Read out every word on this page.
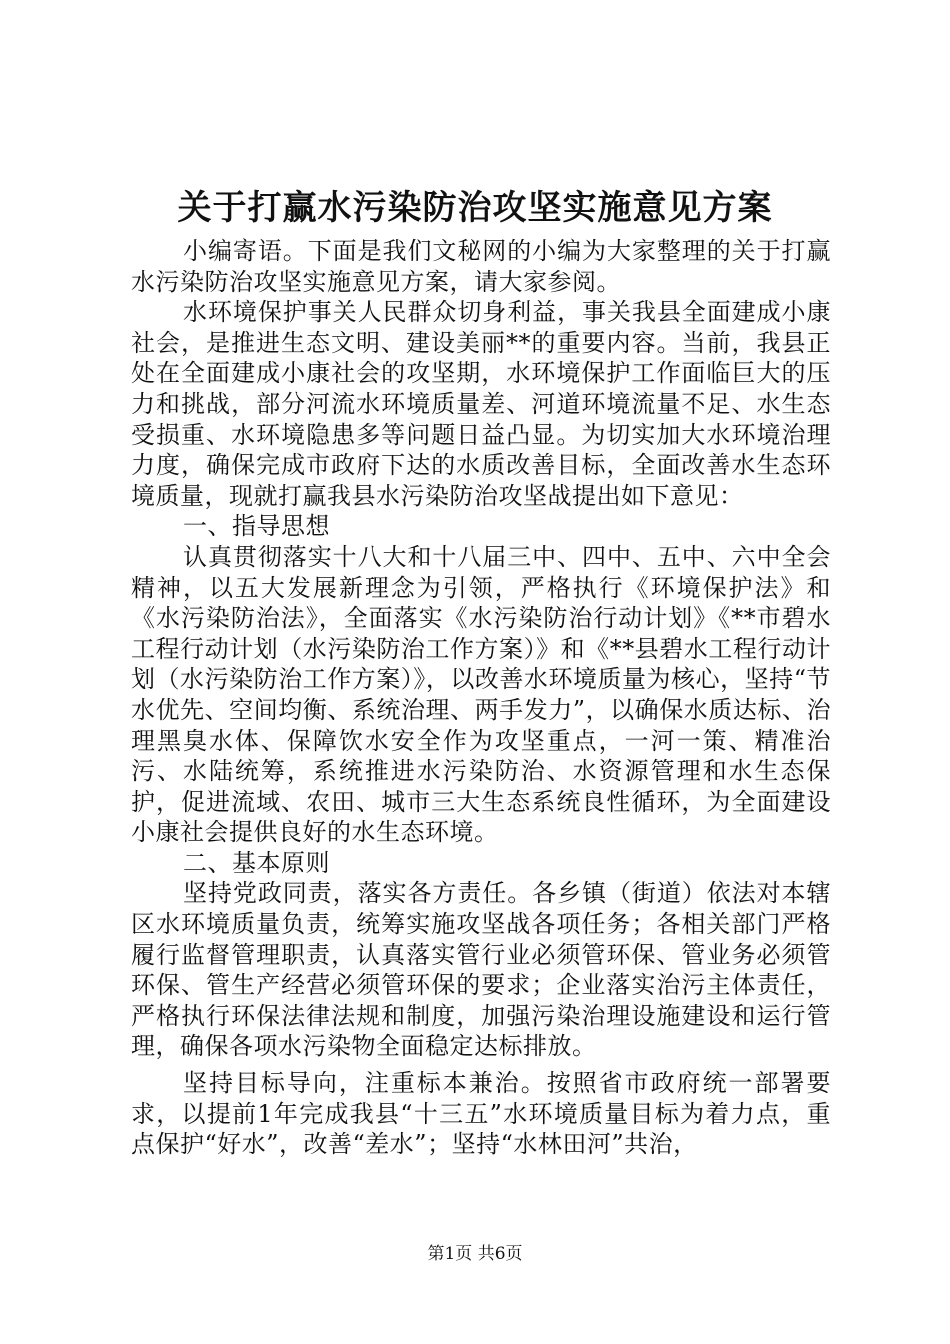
关于打赢水污染防治攻坚实施意见方案

小编寄语。下面是我们文秘网的小编为大家整理的关于打赢水污染防治攻坚实施意见方案，请大家参阅。

水环境保护事关人民群众切身利益，事关我县全面建成小康社会，是推进生态文明、建设美丽**的重要内容。当前，我县正处在全面建成小康社会的攻坚期，水环境保护工作面临巨大的压力和挑战，部分河流水环境质量差、河道环境流量不足、水生态受损重、水环境隐患多等问题日益凸显。为切实加大水环境治理力度，确保完成市政府下达的水质改善目标，全面改善水生态环境质量，现就打赢我县水污染防治攻坚战提出如下意见：

一、指导思想

认真贯彻落实十八大和十八届三中、四中、五中、六中全会精神，以五大发展新理念为引领，严格执行《环境保护法》和《水污染防治法》，全面落实《水污染防治行动计划》《**市碧水工程行动计划（水污染防治工作方案）》和《**县碧水工程行动计划（水污染防治工作方案）》，以改善水环境质量为核心，坚持“节水优先、空间均衡、系统治理、两手发力”，以确保水质达标、治理黑臭水体、保障饮水安全作为攻坚重点，一河一策、精准治污、水陆统筹，系统推进水污染防治、水资源管理和水生态保护，促进流域、农田、城市三大生态系统良性循环，为全面建设小康社会提供良好的水生态环境。

二、基本原则

坚持党政同责，落实各方责任。各乡镇（街道）依法对本辖区水环境质量负责，统筹实施攻坚战各项任务；各相关部门严格履行监督管理职责，认真落实管行业必须管环保、管业务必须管环保、管生产经营必须管环保的要求；企业落实治污主体责任，严格执行环保法律法规和制度，加强污染治理设施建设和运行管理，确保各项水污染物全面稳定达标排放。

坚持目标导向，注重标本兼治。按照省市政府统一部署要求，以提前1年完成我县“十三五”水环境质量目标为着力点，重点保护“好水”，改善“差水”；坚持“水林田河”共治，

第1页 共6页
